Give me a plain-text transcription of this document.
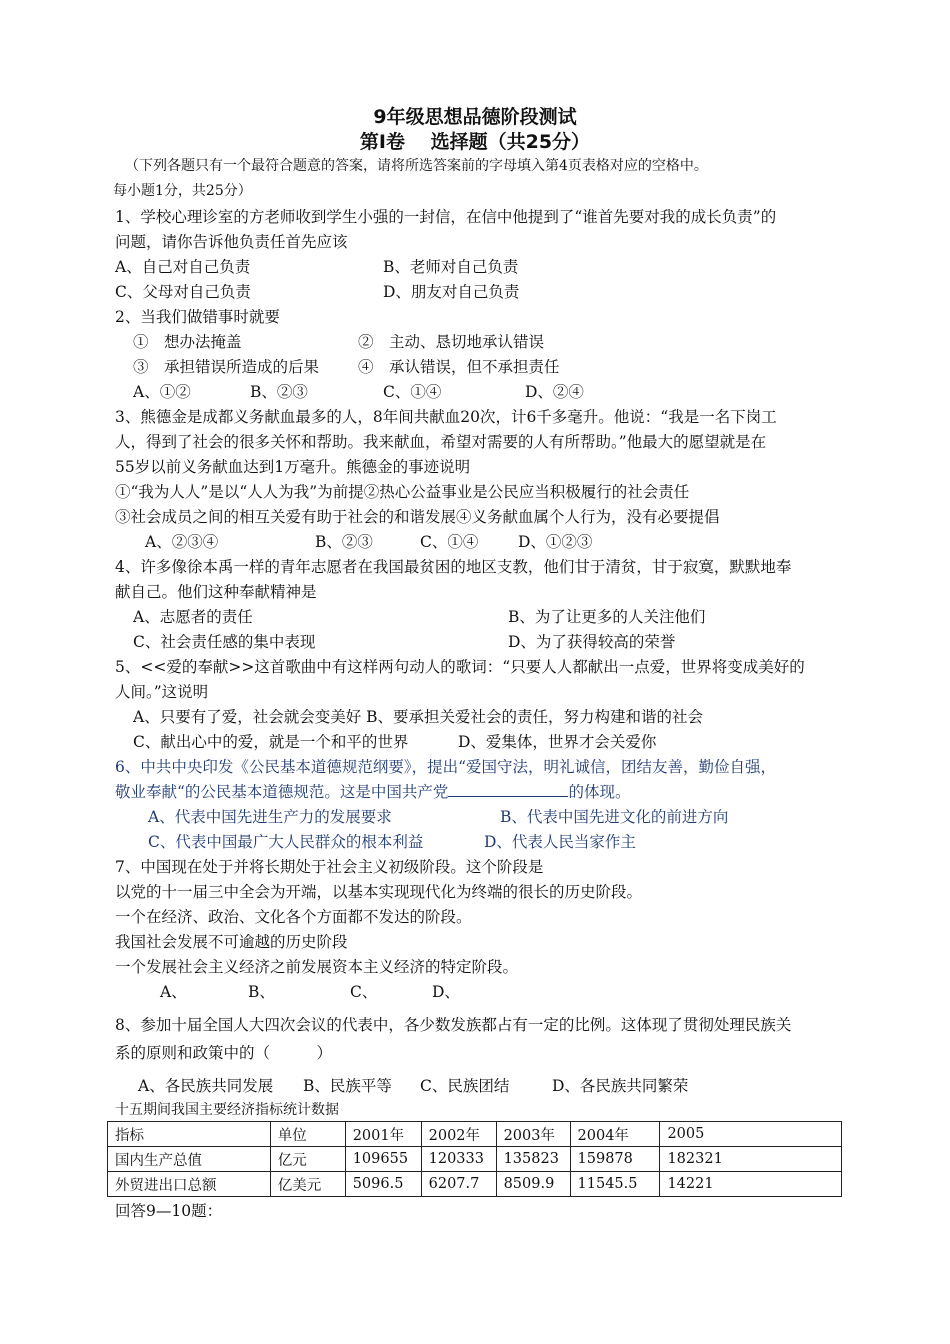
9年级思想品德阶段测试
第Ⅰ卷　 选择题（共25分）
（下列各题只有一个最符合题意的答案，请将所选答案前的字母填入第4页表格对应的空格中。
每小题1分，共25分）
1、学校心理诊室的方老师收到学生小强的一封信，在信中他提到了“谁首先要对我的成长负责”的
问题，请你告诉他负责任首先应该
A、自己对自己负责	B、老师对自己负责
C、父母对自己负责	D、朋友对自己负责
2、当我们做错事时就要
①　想办法掩盖	②　主动、恳切地承认错误
③　承担错误所造成的后果	④　承认错误，但不承担责任
A、①②	B、②③	C、①④	D、②④
3、熊德金是成都义务献血最多的人，8年间共献血20次，计6千多毫升。他说：“我是一名下岗工
人，得到了社会的很多关怀和帮助。我来献血，希望对需要的人有所帮助。”他最大的愿望就是在
55岁以前义务献血达到1万毫升。熊德金的事迹说明
①“我为人人”是以“人人为我”为前提②热心公益事业是公民应当积极履行的社会责任
③社会成员之间的相互关爱有助于社会的和谐发展④义务献血属个人行为，没有必要提倡
A、②③④	B、②③	C、①④	D、①②③
4、许多像徐本禹一样的青年志愿者在我国最贫困的地区支教，他们甘于清贫，甘于寂寞，默默地奉
献自己。他们这种奉献精神是
A、志愿者的责任	B、为了让更多的人关注他们
C、社会责任感的集中表现	D、为了获得较高的荣誉
5、<<爱的奉献>>这首歌曲中有这样两句动人的歌词：“只要人人都献出一点爱，世界将变成美好的
人间。”这说明
A、只要有了爱，社会就会变美好 B、要承担关爱社会的责任，努力构建和谐的社会
C、献出心中的爱，就是一个和平的世界	D、爱集体，世界才会关爱你
6、中共中央印发《公民基本道德规范纲要》，提出“爱国守法，明礼诚信，团结友善，勤俭自强，
敬业奉献“的公民基本道德规范。这是中国共产党	的体现。
A、代表中国先进生产力的发展要求	B、代表中国先进文化的前进方向
C、代表中国最广大人民群众的根本利益	D、代表人民当家作主
7、中国现在处于并将长期处于社会主义初级阶段。这个阶段是
以党的十一届三中全会为开端，以基本实现现代化为终端的很长的历史阶段。
一个在经济、政治、文化各个方面都不发达的阶段。
我国社会发展不可逾越的历史阶段
一个发展社会主义经济之前发展资本主义经济的特定阶段。
A、	B、	C、	D、
8、参加十届全国人大四次会议的代表中，各少数发族都占有一定的比例。这体现了贯彻处理民族关
系的原则和政策中的（　　　）
A、各民族共同发展 B、民族平等 C、民族团结	D、各民族共同繁荣
十五期间我国主要经济指标统计数据
指标	单位	2001年	2002年	2003年	2004年	2005
国内生产总值	亿元	109655	120333	135823	159878	182321
外贸进出口总额	亿美元	5096.5	6207.7	8509.9	11545.5	14221
回答9—10题：
